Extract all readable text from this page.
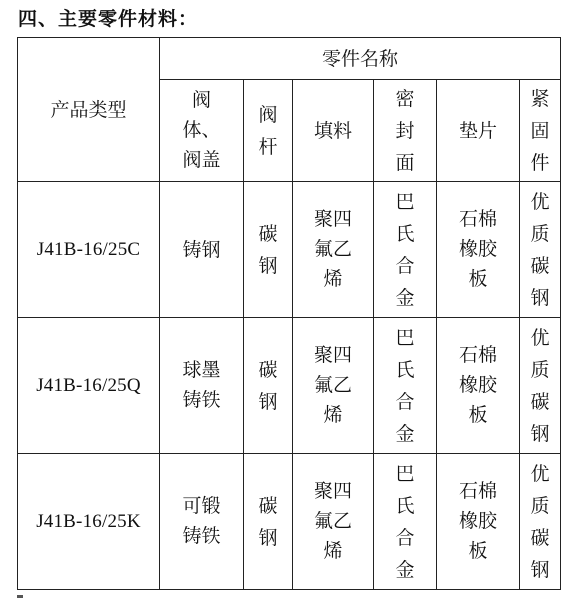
四、主要零件材料：
产品类型	零件名称					
	阀体、阀盖	阀杆	填料	密封面	垫片	紧固件
J41B-16/25C	铸钢	碳钢	聚四氟乙烯	巴氏合金	石棉橡胶板	优质碳钢
J41B-16/25Q	球墨铸铁	碳钢	聚四氟乙烯	巴氏合金	石棉橡胶板	优质碳钢
J41B-16/25K	可锻铸铁	碳钢	聚四氟乙烯	巴氏合金	石棉橡胶板	优质碳钢
